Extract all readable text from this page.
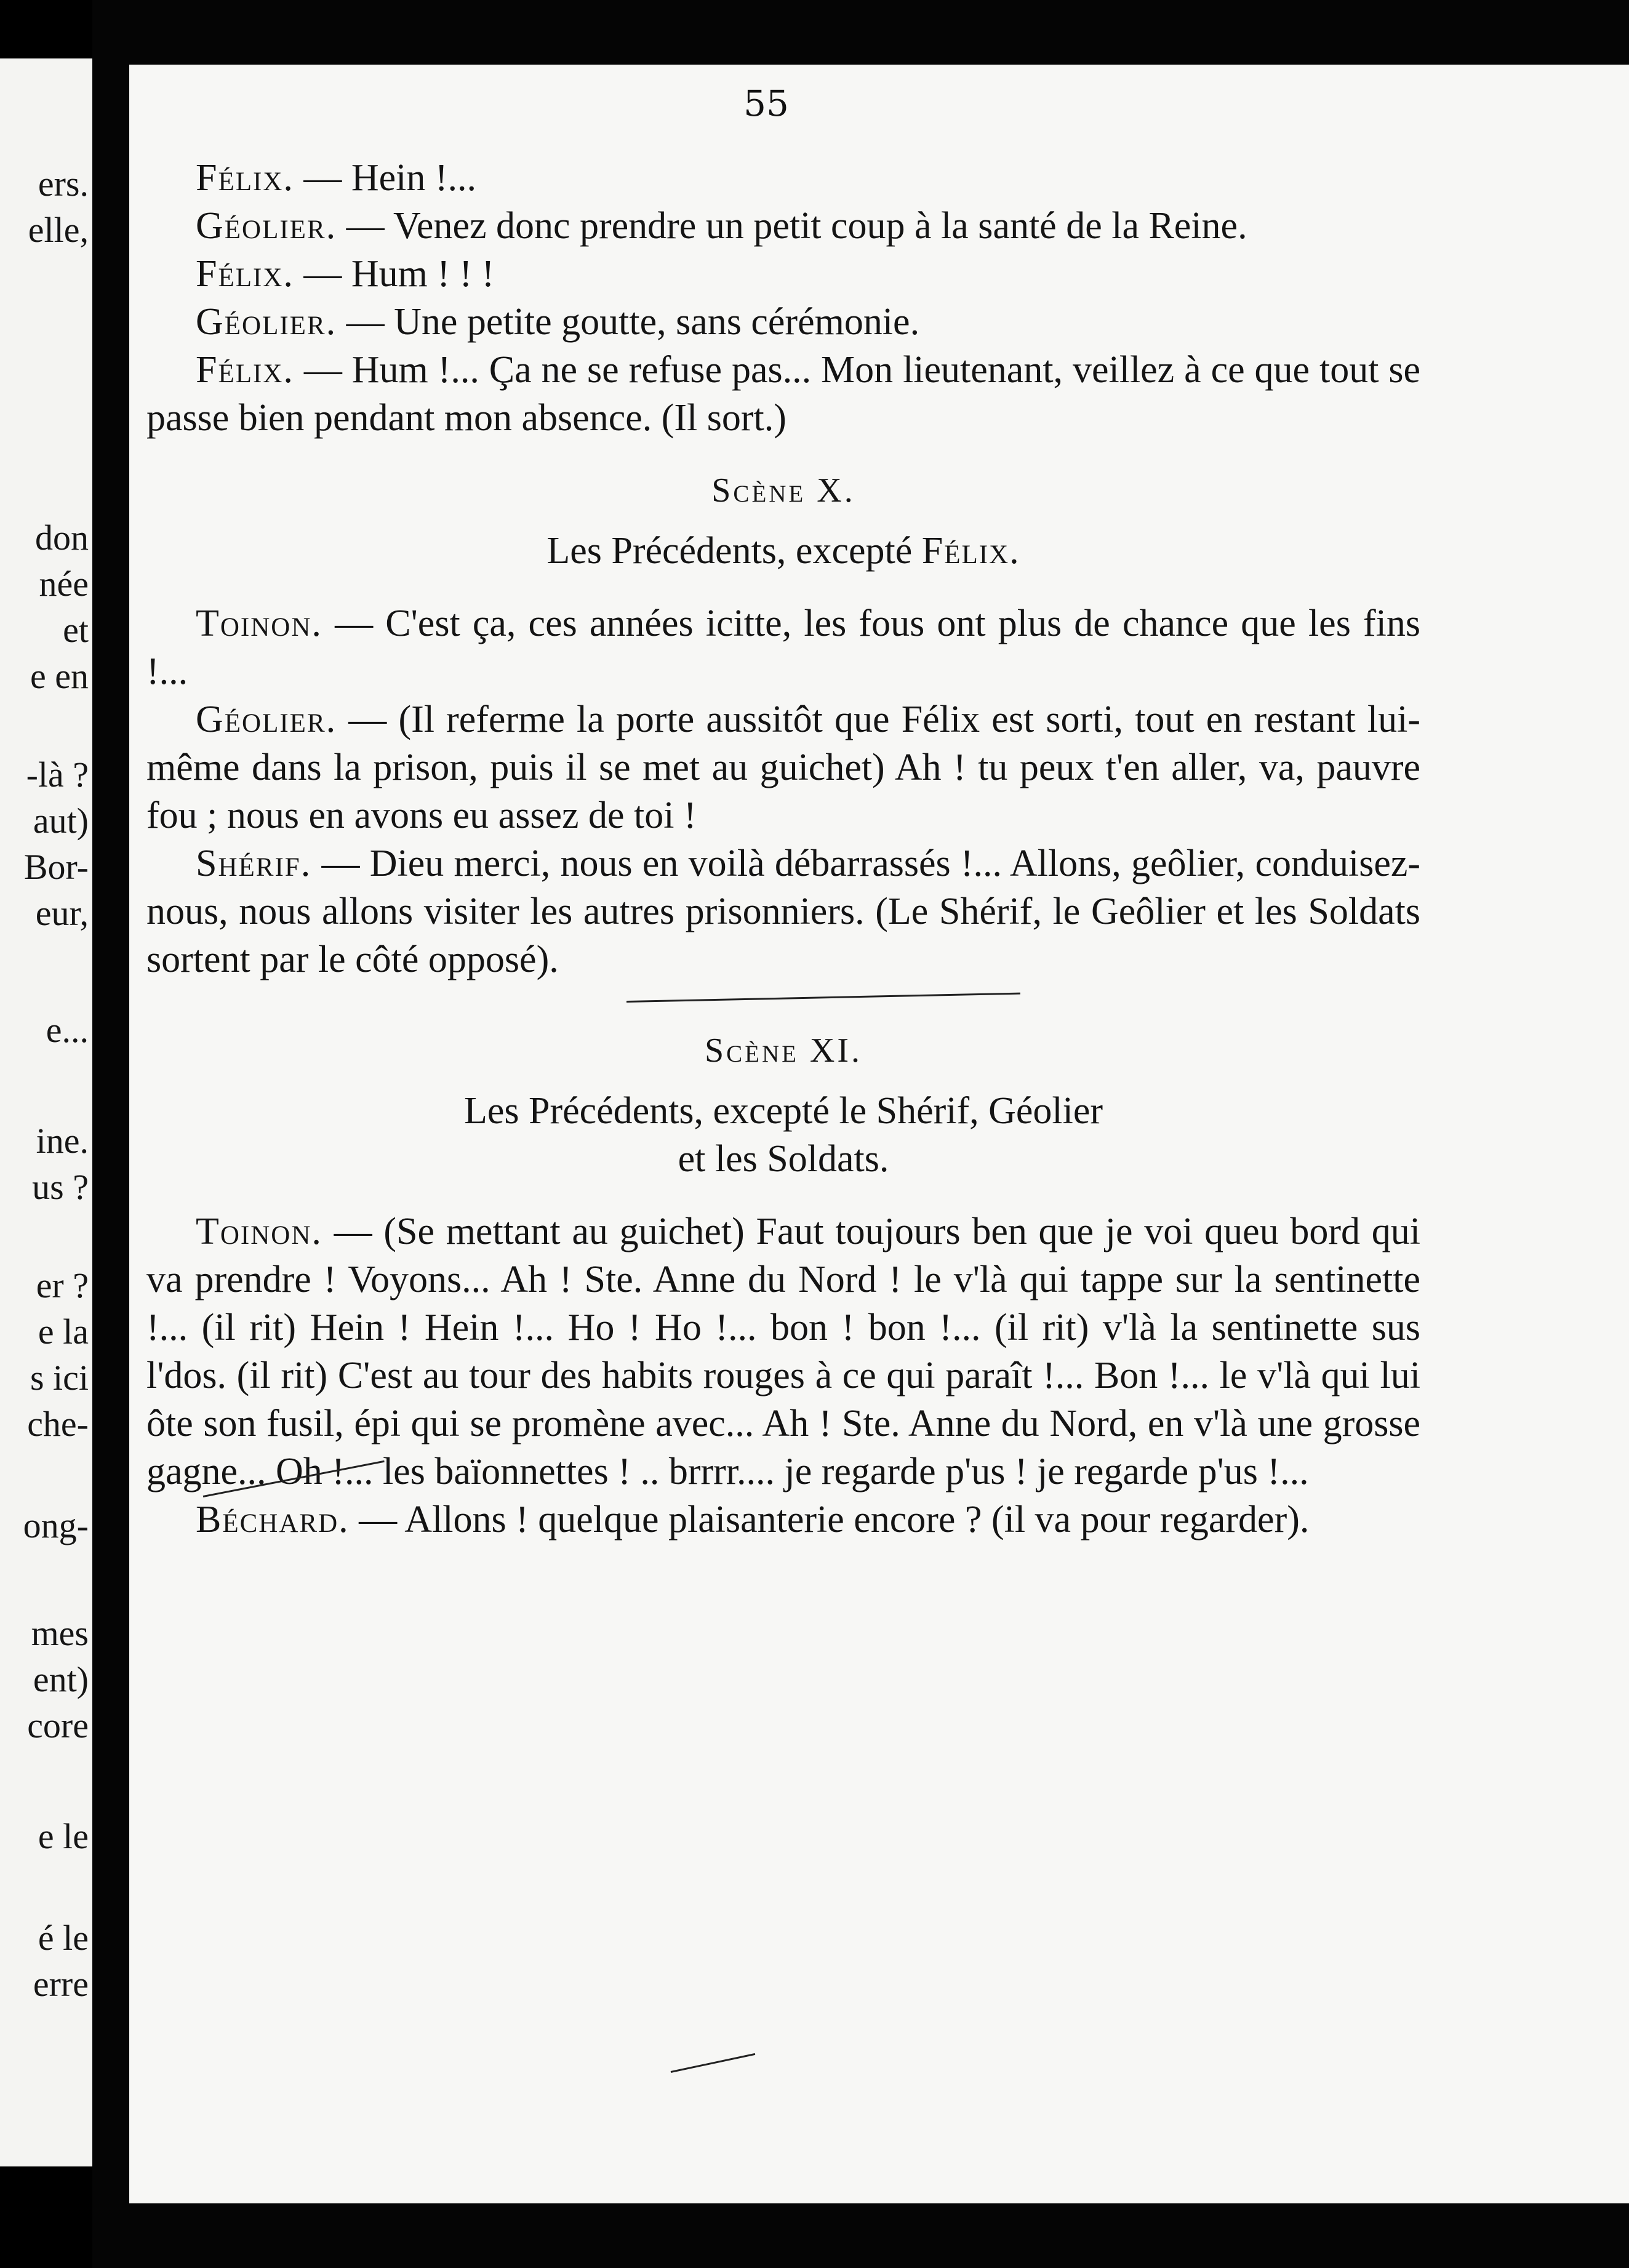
ers.
elle,
don
née
et
e en
-là ?
aut)
Bor-
eur,
e...
ine.
us ?
er ?
e la
s ici
che-
ong-
mes
ent)
core
e le
é le
erre
55

Félix. — Hein !...

Géolier. — Venez donc prendre un petit coup à la santé de la Reine.

Félix. — Hum ! ! !

Géolier. — Une petite goutte, sans cérémonie.

Félix. — Hum !... Ça ne se refuse pas... Mon lieutenant, veillez à ce que tout se passe bien pendant mon absence. (Il sort.)

Scène X.

Les Précédents, excepté Félix.

Toinon. — C'est ça, ces années icitte, les fous ont plus de chance que les fins !...

Géolier. — (Il referme la porte aussitôt que Félix est sorti, tout en restant lui-même dans la prison, puis il se met au guichet) Ah ! tu peux t'en aller, va, pauvre fou ; nous en avons eu assez de toi !

Shérif. — Dieu merci, nous en voilà débarrassés !... Allons, geôlier, conduisez-nous, nous allons visiter les autres prisonniers. (Le Shérif, le Geôlier et les Soldats sortent par le côté opposé).

Scène XI.

Les Précédents, excepté le Shérif, Géolier

et les Soldats.

Toinon. — (Se mettant au guichet) Faut toujours ben que je voi queu bord qui va prendre ! Voyons... Ah ! Ste. Anne du Nord ! le v'là qui tappe sur la sentinette !... (il rit) Hein ! Hein !... Ho ! Ho !... bon ! bon !... (il rit) v'là la sentinette sus l'dos. (il rit) C'est au tour des habits rouges à ce qui paraît !... Bon !... le v'là qui lui ôte son fusil, épi qui se promène avec... Ah ! Ste. Anne du Nord, en v'là une grosse gagne... Oh !... les baïonnettes ! .. brrrr.... je regarde p'us ! je regarde p'us !...

Béchard. — Allons ! quelque plaisanterie encore ? (il va pour regarder).
